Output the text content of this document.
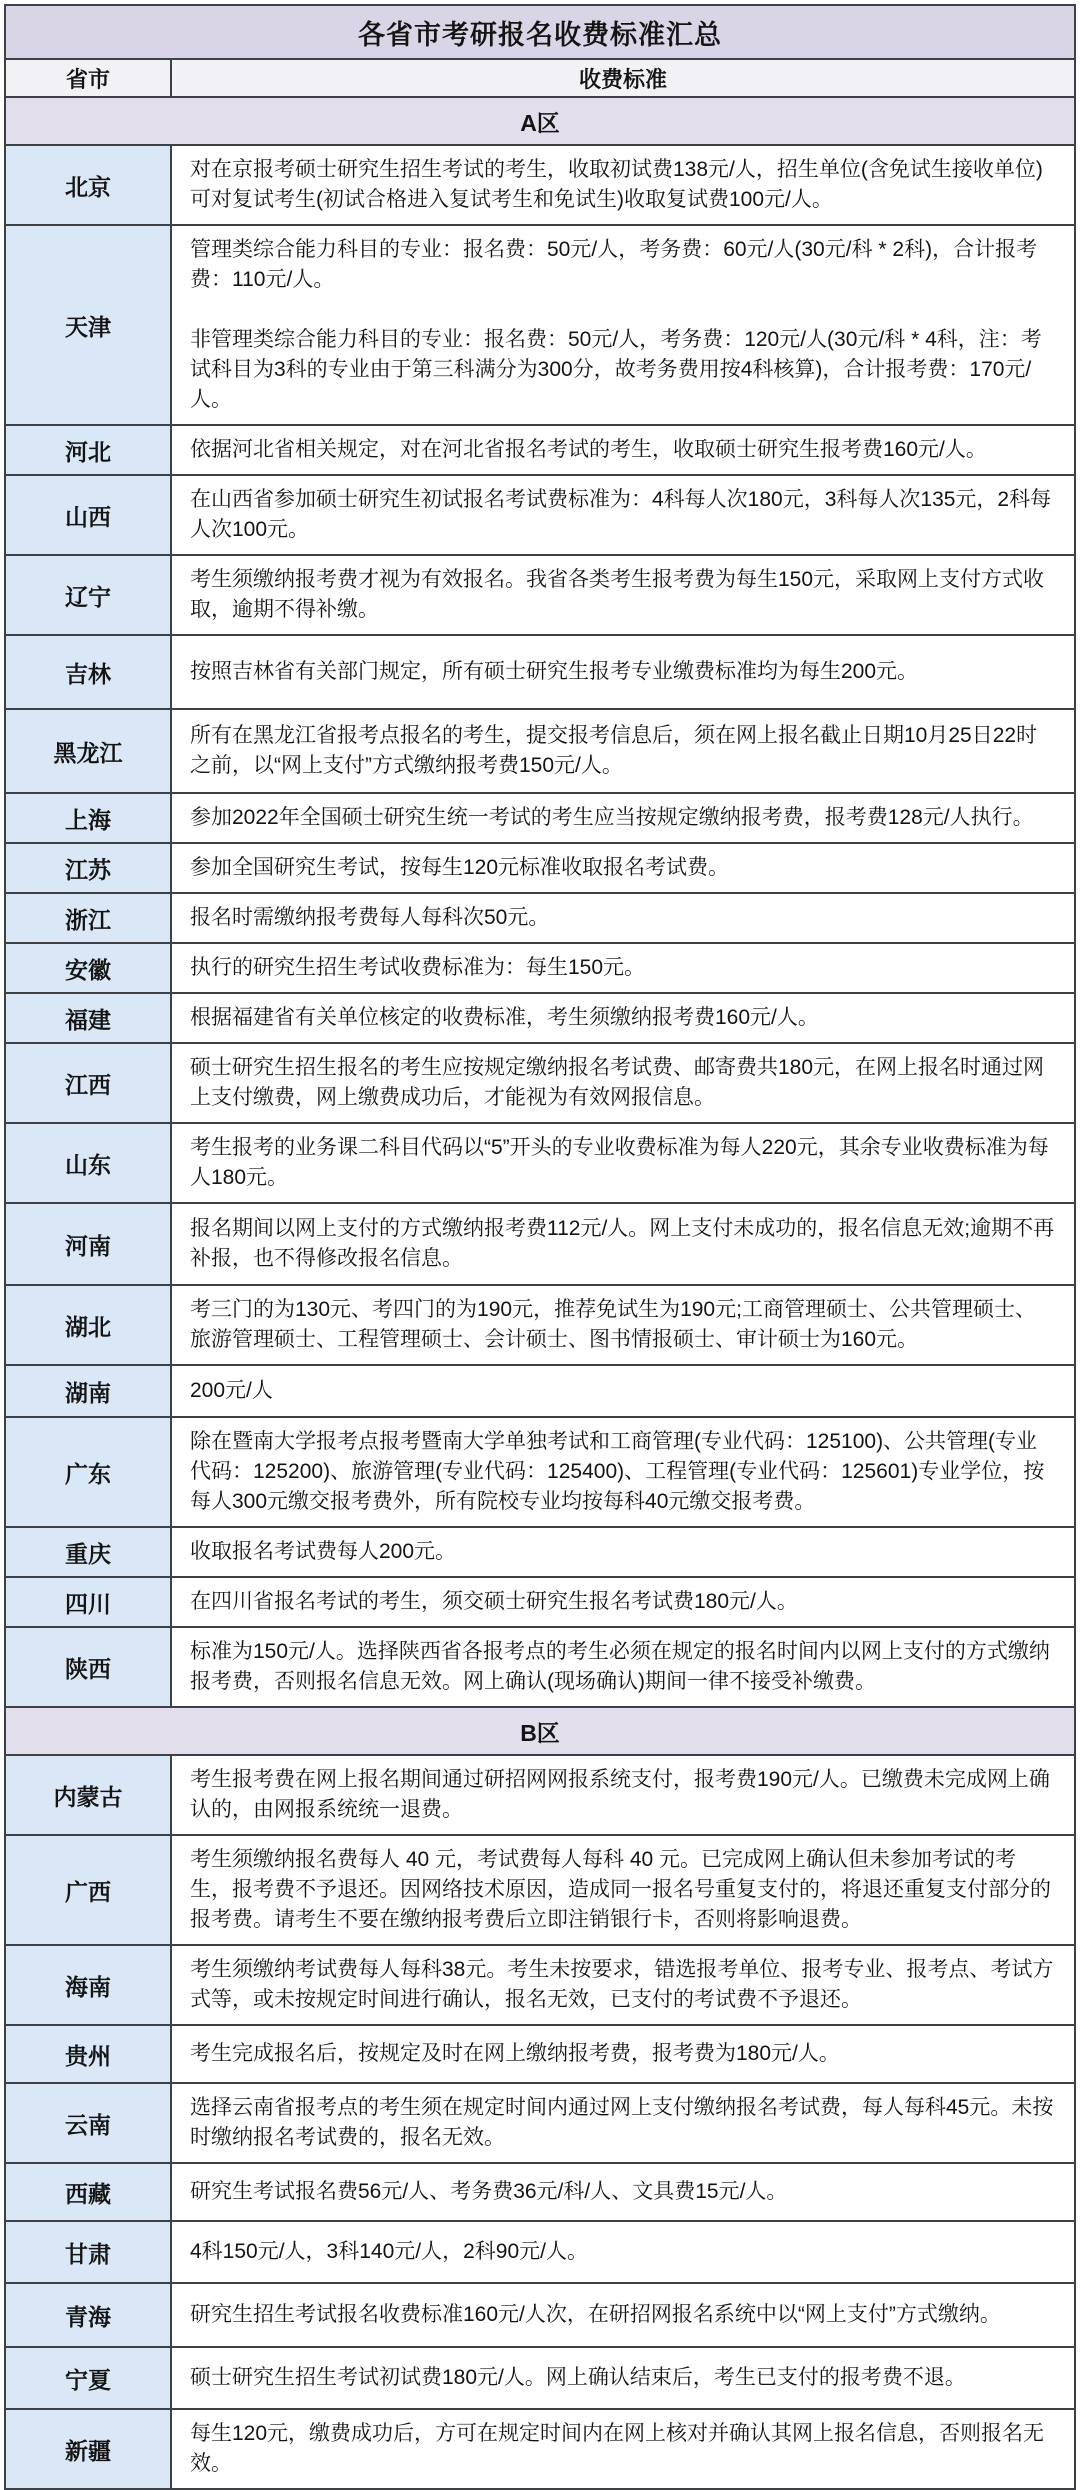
各省市考研报名收费标准汇总	
省市	收费标准
A区	
北京	对在京报考硕士研究生招生考试的考生，收取初试费138元/人，招生单位(含免试生接收单位)可对复试考生(初试合格进入复试考生和免试生)收取复试费100元/人。

天津	管理类综合能力科目的专业：报名费：50元/人，考务费：60元/人(30元/科 * 2科)，合计报考费：110元/人。

非管理类综合能力科目的专业：报名费：50元/人，考务费：120元/人(30元/科 * 4科，注：考试科目为3科的专业由于第三科满分为300分，故考务费用按4科核算)，合计报考费：170元/人。

河北	依据河北省相关规定，对在河北省报名考试的考生，收取硕士研究生报考费160元/人。

山西	在山西省参加硕士研究生初试报名考试费标准为：4科每人次180元，3科每人次135元，2科每人次100元。

辽宁	考生须缴纳报考费才视为有效报名。我省各类考生报考费为每生150元，采取网上支付方式收取，逾期不得补缴。

吉林	按照吉林省有关部门规定，所有硕士研究生报考专业缴费标准均为每生200元。

黑龙江	所有在黑龙江省报考点报名的考生，提交报考信息后，须在网上报名截止日期10月25日22时之前，以“网上支付”方式缴纳报考费150元/人。

上海	参加2022年全国硕士研究生统一考试的考生应当按规定缴纳报考费，报考费128元/人执行。

江苏	参加全国研究生考试，按每生120元标准收取报名考试费。

浙江	报名时需缴纳报考费每人每科次50元。

安徽	执行的研究生招生考试收费标准为：每生150元。

福建	根据福建省有关单位核定的收费标准，考生须缴纳报考费160元/人。

江西	硕士研究生招生报名的考生应按规定缴纳报名考试费、邮寄费共180元，在网上报名时通过网上支付缴费，网上缴费成功后，才能视为有效网报信息。

山东	考生报考的业务课二科目代码以“5”开头的专业收费标准为每人220元，其余专业收费标准为每人180元。

河南	报名期间以网上支付的方式缴纳报考费112元/人。网上支付未成功的，报名信息无效;逾期不再补报，也不得修改报名信息。

湖北	考三门的为130元、考四门的为190元，推荐免试生为190元;工商管理硕士、公共管理硕士、旅游管理硕士、工程管理硕士、会计硕士、图书情报硕士、审计硕士为160元。

湖南	200元/人

广东	除在暨南大学报考点报考暨南大学单独考试和工商管理(专业代码：125100)、公共管理(专业代码：125200)、旅游管理(专业代码：125400)、工程管理(专业代码：125601)专业学位，按每人300元缴交报考费外，所有院校专业均按每科40元缴交报考费。

重庆	收取报名考试费每人200元。

四川	在四川省报名考试的考生，须交硕士研究生报名考试费180元/人。

陕西	标准为150元/人。选择陕西省各报考点的考生必须在规定的报名时间内以网上支付的方式缴纳报考费，否则报名信息无效。网上确认(现场确认)期间一律不接受补缴费。

B区	
内蒙古	考生报考费在网上报名期间通过研招网网报系统支付，报考费190元/人。已缴费未完成网上确认的，由网报系统统一退费。

广西	考生须缴纳报名费每人 40 元，考试费每人每科 40 元。已完成网上确认但未参加考试的考生，报考费不予退还。因网络技术原因，造成同一报名号重复支付的，将退还重复支付部分的报考费。请考生不要在缴纳报考费后立即注销银行卡，否则将影响退费。

海南	考生须缴纳考试费每人每科38元。考生未按要求，错选报考单位、报考专业、报考点、考试方式等，或未按规定时间进行确认，报名无效，已支付的考试费不予退还。

贵州	考生完成报名后，按规定及时在网上缴纳报考费，报考费为180元/人。

云南	选择云南省报考点的考生须在规定时间内通过网上支付缴纳报名考试费，每人每科45元。未按时缴纳报名考试费的，报名无效。

西藏	研究生考试报名费56元/人、考务费36元/科/人、文具费15元/人。

甘肃	4科150元/人，3科140元/人，2科90元/人。

青海	研究生招生考试报名收费标准160元/人次，在研招网报名系统中以“网上支付”方式缴纳。

宁夏	硕士研究生招生考试初试费180元/人。网上确认结束后，考生已支付的报考费不退。

新疆	每生120元，缴费成功后，方可在规定时间内在网上核对并确认其网上报名信息，否则报名无效。
